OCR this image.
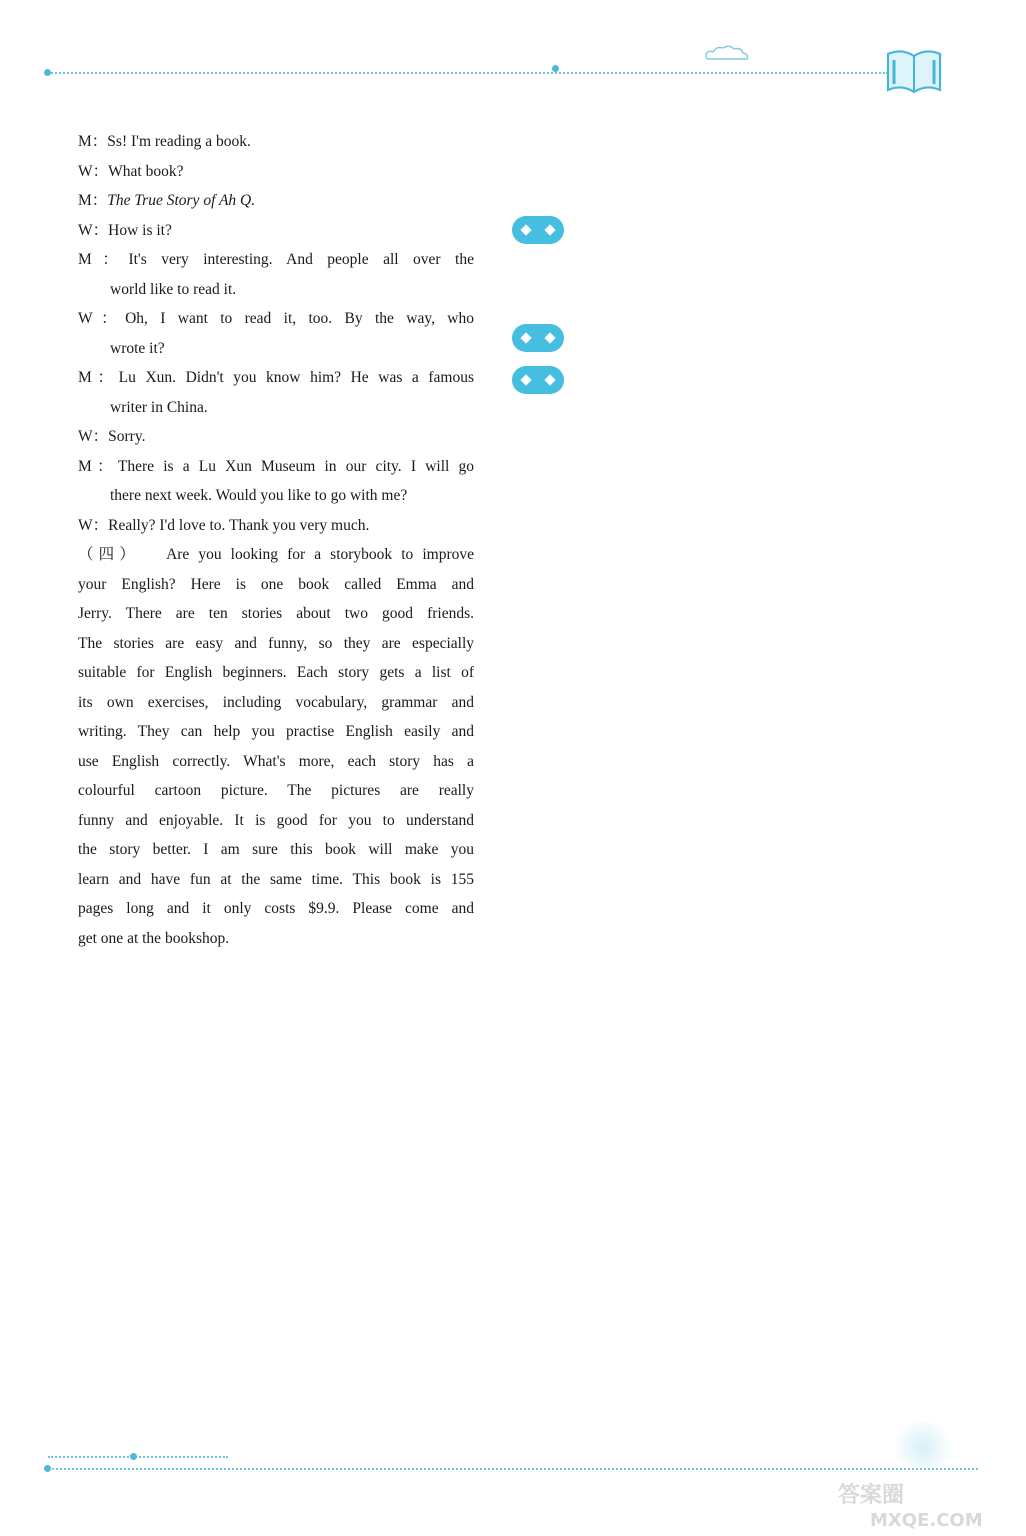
M：Ss! I'm reading a book.
W：What book?
M：The True Story of Ah Q.
W：How is it?
M：It's very interesting. And people all over the
world like to read it.
W：Oh, I want to read it, too. By the way, who
wrote it?
M：Lu Xun. Didn't you know him? He was a famous
writer in China.
W：Sorry.
M：There is a Lu Xun Museum in our city. I will go
there next week. Would you like to go with me?
W：Really? I'd love to. Thank you very much.
（四） Are you looking for a storybook to improve
your English? Here is one book called Emma and
Jerry. There are ten stories about two good friends.
The stories are easy and funny, so they are especially
suitable for English beginners. Each story gets a list of
its own exercises, including vocabulary, grammar and
writing. They can help you practise English easily and
use English correctly. What's more, each story has a
colourful cartoon picture. The pictures are really
funny and enjoyable. It is good for you to understand
the story better. I am sure this book will make you
learn and have fun at the same time. This book is 155
pages long and it only costs $9.9. Please come and
get one at the bookshop.
答案圈
MXQE.COM
